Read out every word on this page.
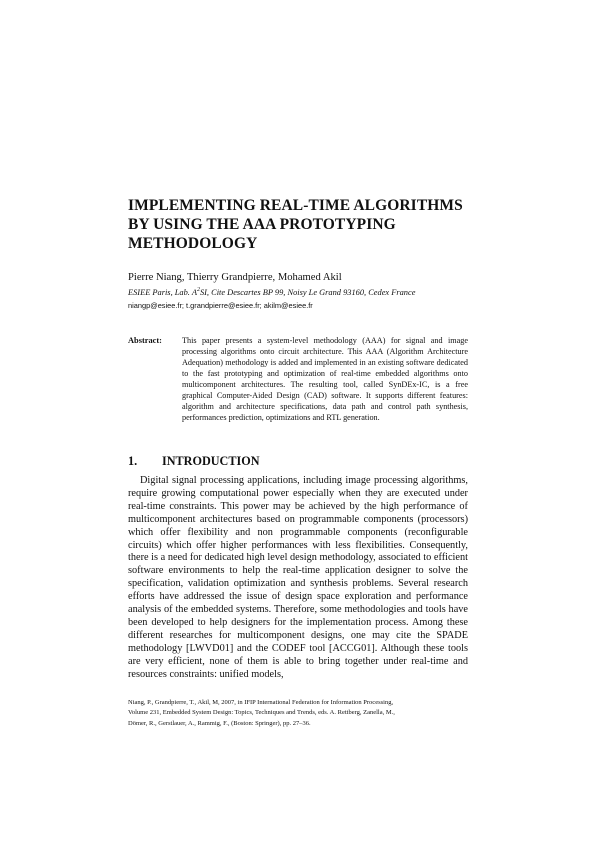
IMPLEMENTING REAL-TIME ALGORITHMS
BY USING THE AAA PROTOTYPING
METHODOLOGY
Pierre Niang, Thierry Grandpierre, Mohamed Akil
ESIEE Paris, Lab. $A^2SI$, Cite Descartes BP 99, Noisy Le Grand 93160, Cedex France
niangp@esiee.fr; t.grandpierre@esiee.fr; akilm@esiee.fr
Abstract: This paper presents a system-level methodology (AAA) for signal and image processing algorithms onto circuit architecture. This AAA (Algorithm Architecture Adequation) methodology is added and implemented in an existing software dedicated to the fast prototyping and optimization of real-time embedded algorithms onto multicomponent architectures. The resulting tool, called SynDEx-IC, is a free graphical Computer-Aided Design (CAD) software. It supports different features: algorithm and architecture specifications, data path and control path synthesis, performances prediction, optimizations and RTL generation.

1. INTRODUCTION

Digital signal processing applications, including image processing algorithms, require growing computational power especially when they are executed under real-time constraints. This power may be achieved by the high performance of multicomponent architectures based on programmable components (processors) which offer flexibility and non programmable components (reconfigurable circuits) which offer higher performances with less flexibilities. Consequently, there is a need for dedicated high level design methodology, associated to efficient software environments to help the real-time application designer to solve the specification, validation optimization and synthesis problems. Several research efforts have addressed the issue of design space exploration and performance analysis of the embedded systems. Therefore, some methodologies and tools have been developed to help designers for the implementation process. Among these different researches for multicomponent designs, one may cite the SPADE methodology [LWVD01] and the CODEF tool [ACCG01]. Although these tools are very efficient, none of them is able to bring together under real-time and resources constraints: unified models,

Niang, P., Grandpierre, T., Akil, M, 2007, in IFIP International Federation for Information Processing,
Volume 231, Embedded System Design: Topics, Techniques and Trends, eds. A. Rettberg, Zanella, M.,
Dömer, R., Gerstlauer, A., Rammig, F., (Boston: Springer), pp. 27–36.
